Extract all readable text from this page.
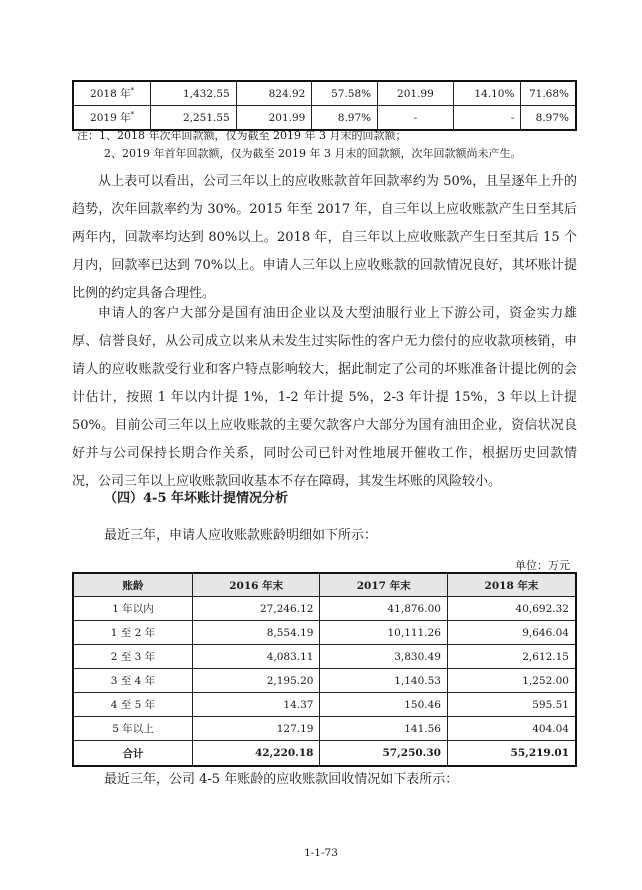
2018 年*	1,432.55	824.92	57.58%	201.99	14.10%	71.68%
2019 年*	2,251.55	201.99	8.97%	-	-	8.97%
注：1、2018 年次年回款额，仅为截至 2019 年 3 月末的回款额；
2、2019 年首年回款额，仅为截至 2019 年 3 月末的回款额，次年回款额尚未产生。

从上表可以看出，公司三年以上的应收账款首年回款率约为 50%，且呈逐年上升的趋势，次年回款率约为 30%。2015 年至 2017 年，自三年以上应收账款产生日至其后两年内，回款率均达到 80%以上。2018 年，自三年以上应收账款产生日至其后 15 个月内，回款率已达到 70%以上。申请人三年以上应收账款的回款情况良好，其坏账计提比例的约定具备合理性。

申请人的客户大部分是国有油田企业以及大型油服行业上下游公司，资金实力雄厚、信誉良好，从公司成立以来从未发生过实际性的客户无力偿付的应收款项核销，申请人的应收账款受行业和客户特点影响较大，据此制定了公司的坏账准备计提比例的会计估计，按照 1 年以内计提 1%，1-2 年计提 5%，2-3 年计提 15%，3 年以上计提 50%。目前公司三年以上应收账款的主要欠款客户大部分为国有油田企业，资信状况良好并与公司保持长期合作关系，同时公司已针对性地展开催收工作，根据历史回款情况，公司三年以上应收账款回收基本不存在障碍，其发生坏账的风险较小。

（四）4-5 年坏账计提情况分析
最近三年，申请人应收账款账龄明细如下所示：
单位：万元
账龄	2016 年末	2017 年末	2018 年末
1 年以内	27,246.12	41,876.00	40,692.32
1 至 2 年	8,554.19	10,111.26	9,646.04
2 至 3 年	4,083.11	3,830.49	2,612.15
3 至 4 年	2,195.20	1,140.53	1,252.00
4 至 5 年	14.37	150.46	595.51
5 年以上	127.19	141.56	404.04
合计	42,220.18	57,250.30	55,219.01
最近三年，公司 4-5 年账龄的应收账款回收情况如下表所示：
1-1-73
